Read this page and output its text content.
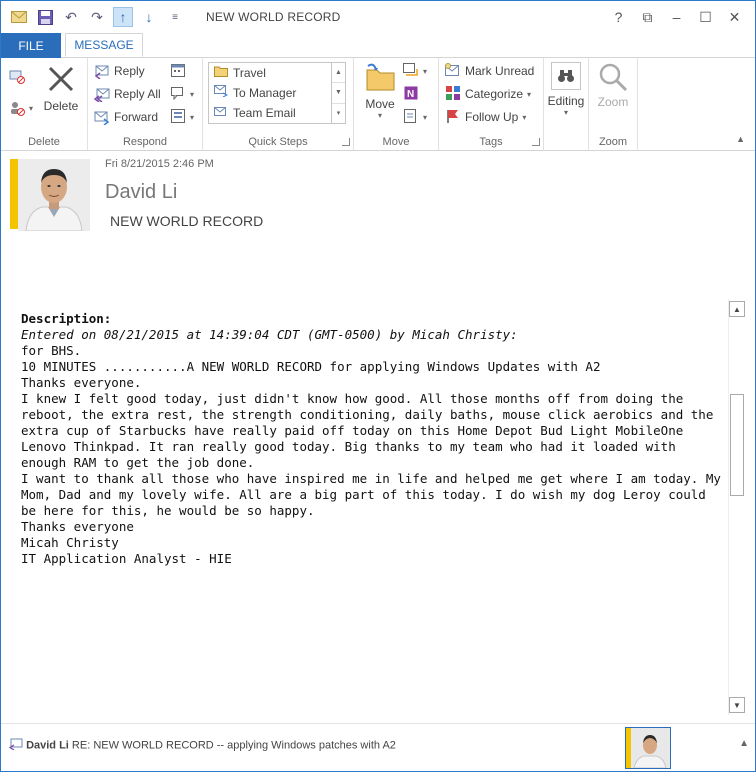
↶ ↷	↑	↓	≡	NEW WORLD RECORD	?	⧉	–	☐	✕
FILE	MESSAGE
▾ Delete
Delete
Reply
Reply All
Forward
▾
▾
Respond
Travel
To Manager
Team Email
▲
▼
▾
Quick Steps
Move
▾
▾
N
▾
Move
Mark Unread
Categorize ▾
Follow Up ▾
Tags
Editing
▾
Zoom
Zoom	▲
Fri 8/21/2015 2:46 PM
David Li
NEW WORLD RECORD

Description:

Entered on 08/21/2015 at 14:39:04 CDT (GMT-0500) by Micah Christy:

for BHS.

10 MINUTES ...........A NEW WORLD RECORD for applying Windows Updates with A2

Thanks everyone.

I knew I felt good today, just didn't know how good. All those months off from doing the reboot, the extra rest, the strength conditioning, daily baths, mouse click aerobics and the extra cup of Starbucks have really paid off today on this Home Depot Bud Light MobileOne Lenovo Thinkpad. It ran really good today. Big thanks to my team who had it loaded with enough RAM to get the job done.

I want to thank all those who have inspired me in life and helped me get where I am today. My Mom, Dad and my lovely wife. All are a big part of this today. I do wish my dog Leroy could be here for this, he would be so happy.

Thanks everyone

Micah Christy

IT Application Analyst - HIE

▲
▼
David Li RE: NEW WORLD RECORD -- applying Windows patches with A2	▲
